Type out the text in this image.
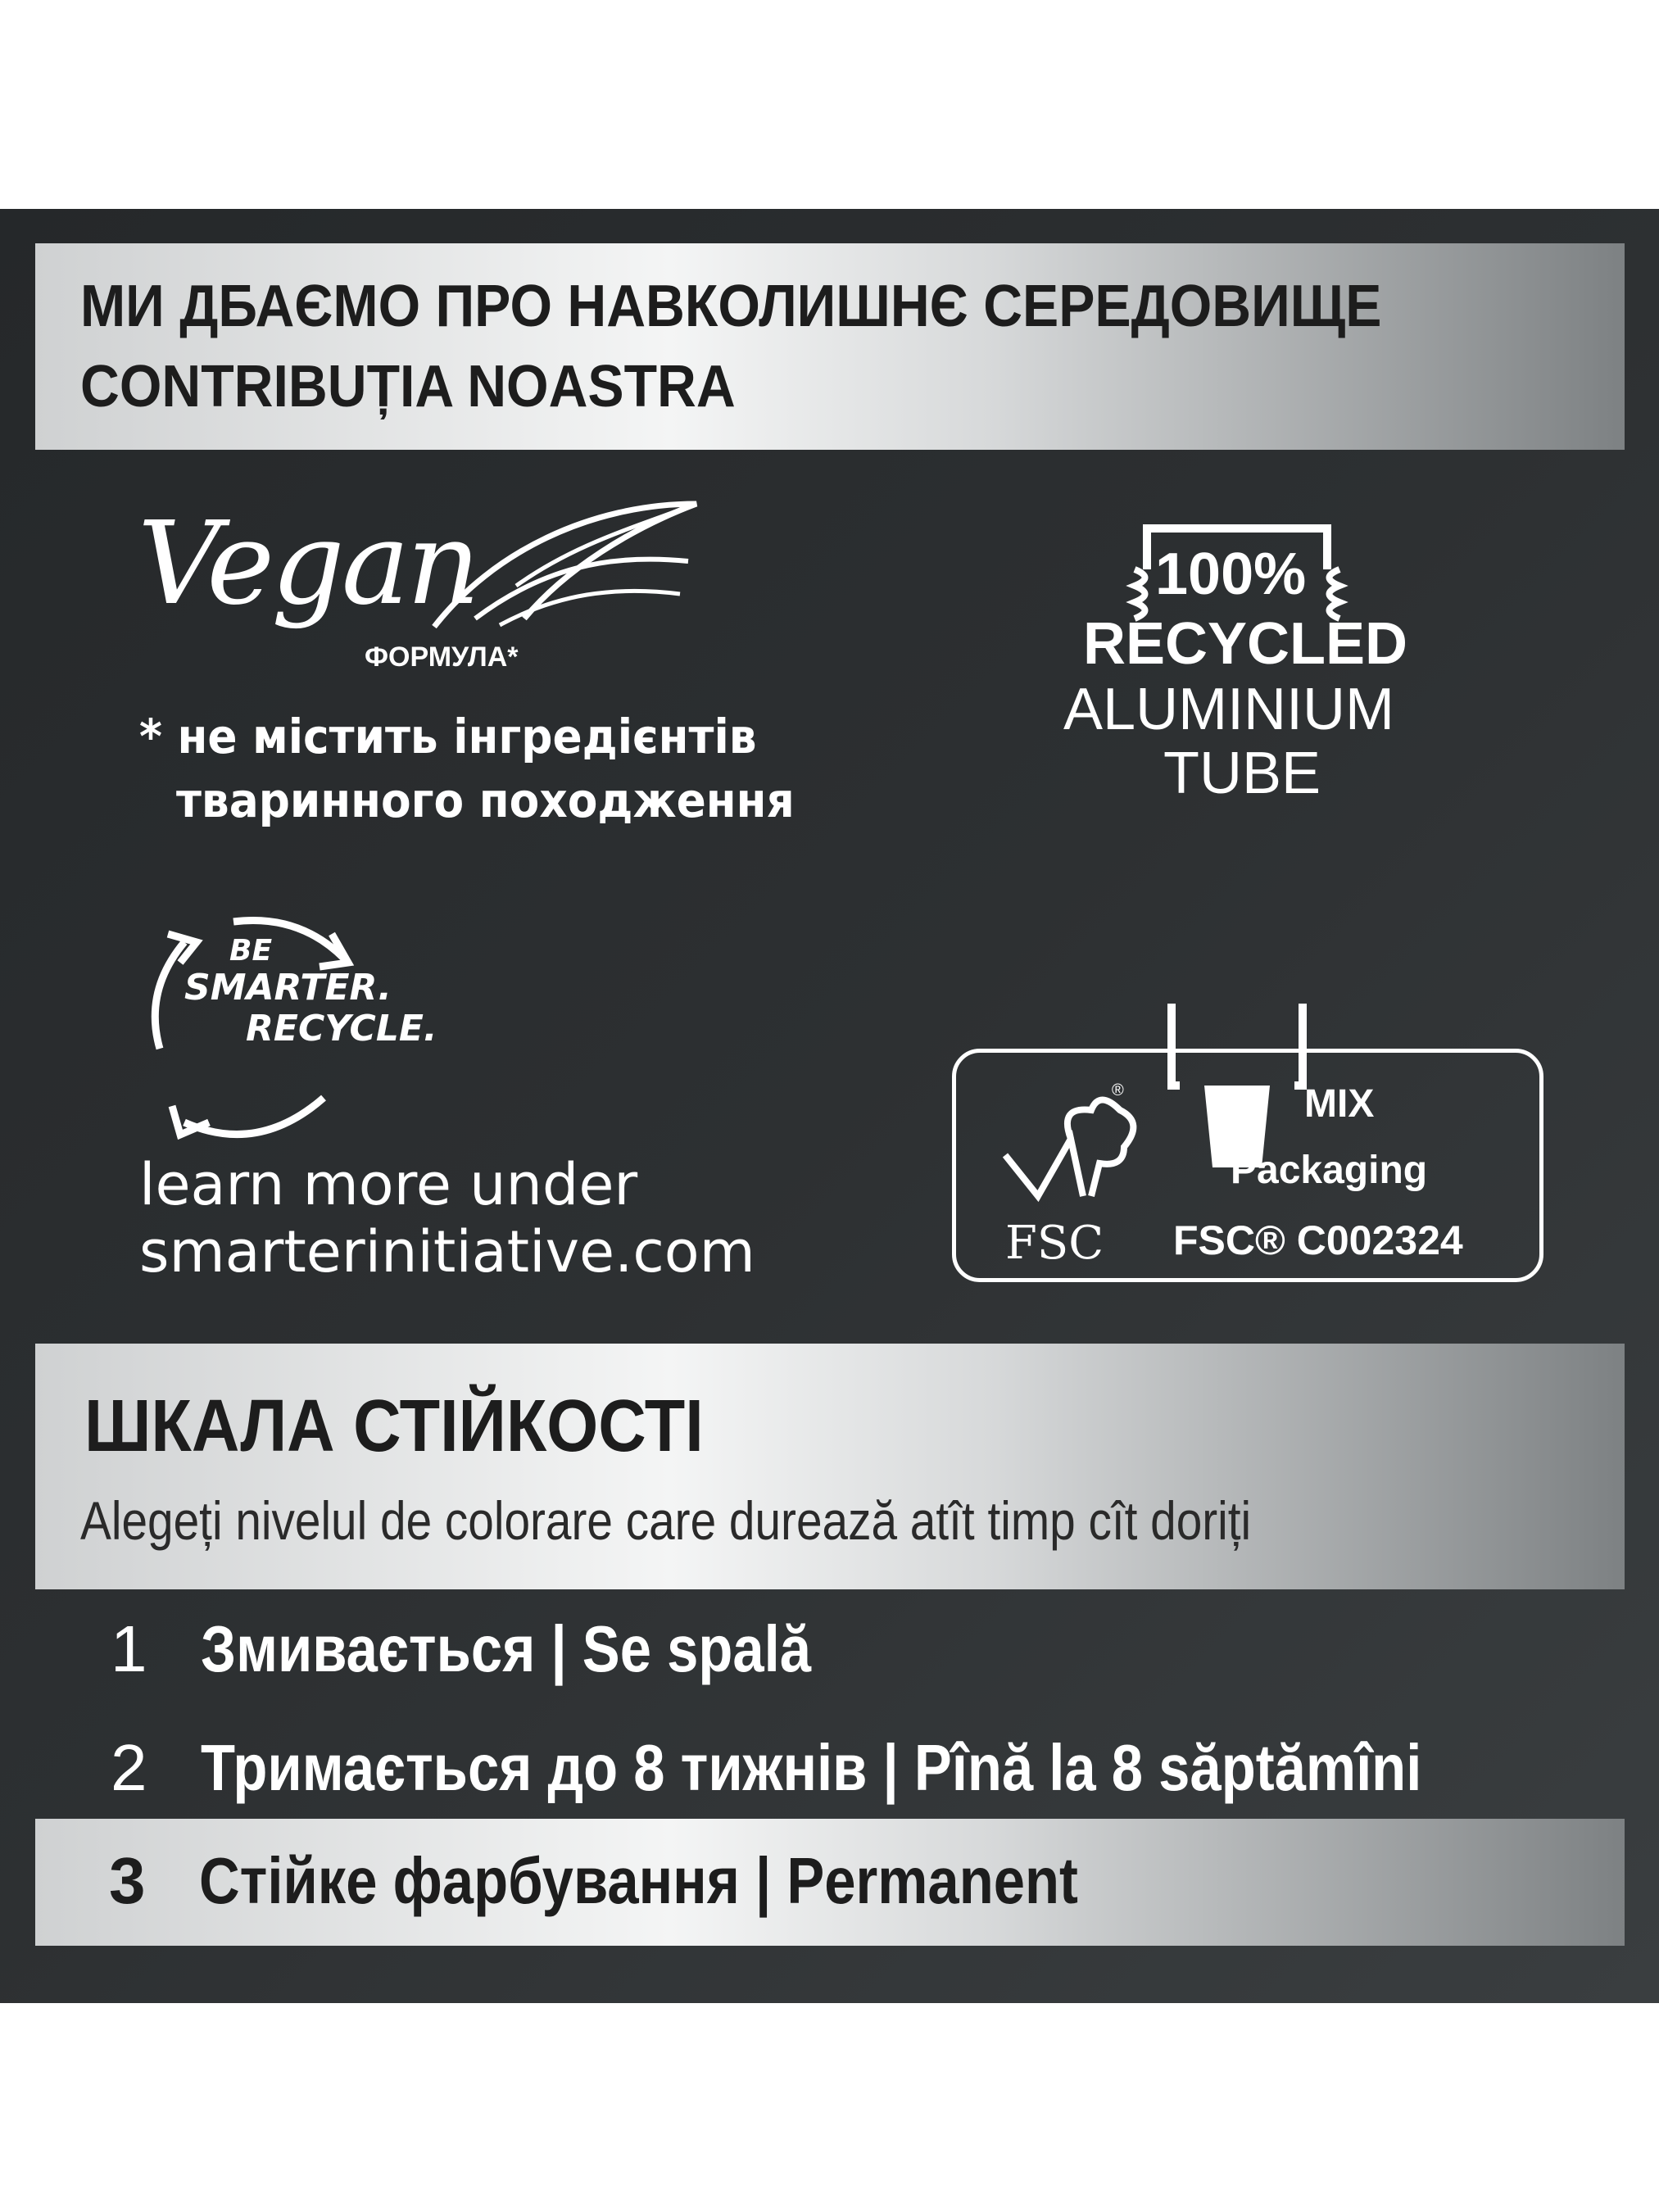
МИ ДБАЄМО ПРО НАВКОЛИШНЄ СЕРЕДОВИЩЕ
CONTRIBUȚIA NOASTRA
Vegan
ФОРМУЛА*
* не містить інгредієнтів
тваринного походження
100%
RECYCLED
ALUMINIUM
TUBE
BE
SMARTER.
RECYCLE.
learn more under
smarterinitiative.com
®
FSC
MIX
Packaging
FSC® C002324
ШКАЛА СТІЙКОСТІ
Alegeți nivelul de colorare care durează atît timp cît doriți
1 Змивається | Se spală
2 Тримається до 8 тижнів | Pînă la 8 săptămîni
3 Стійке фарбування | Permanent
